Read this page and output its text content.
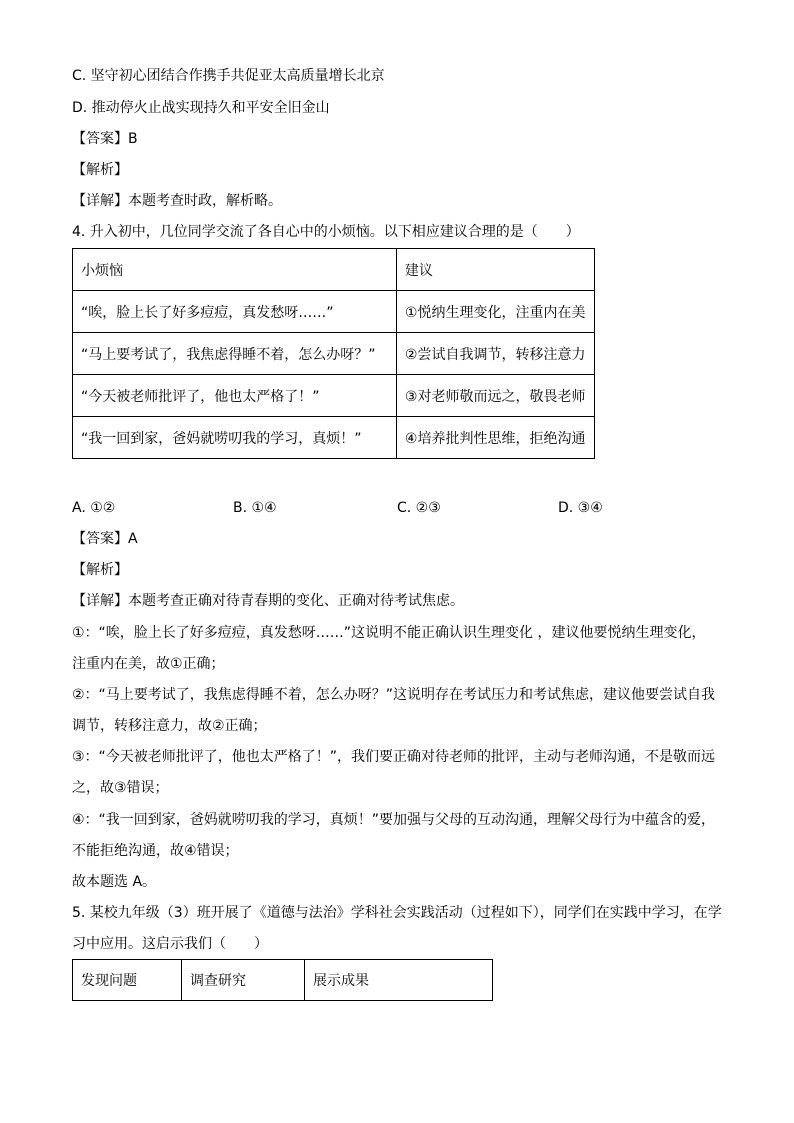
C. 坚守初心团结合作携手共促亚太高质量增长北京
D. 推动停火止战实现持久和平安全旧金山
【答案】B
【解析】
【详解】本题考查时政，解析略。
4. 升入初中，几位同学交流了各自心中的小烦恼。以下相应建议合理的是（　　）
小烦恼	建议
“唉，脸上长了好多痘痘，真发愁呀……”	①悦纳生理变化，注重内在美
“马上要考试了，我焦虑得睡不着，怎么办呀？”	②尝试自我调节，转移注意力
“今天被老师批评了，他也太严格了！”	③对老师敬而远之，敬畏老师
“我一回到家，爸妈就唠叨我的学习，真烦！”	④培养批判性思维，拒绝沟通
A. ①②	B. ①④	C. ②③	D. ③④
【答案】A
【解析】
【详解】本题考查正确对待青春期的变化、正确对待考试焦虑。
①：“唉，脸上长了好多痘痘，真发愁呀……”这说明不能正确认识生理变化 ，建议他要悦纳生理变化，
注重内在美，故①正确；
②：“马上要考试了，我焦虑得睡不着，怎么办呀？”这说明存在考试压力和考试焦虑，建议他要尝试自我
调节，转移注意力，故②正确；
③：“今天被老师批评了，他也太严格了！”，我们要正确对待老师的批评，主动与老师沟通，不是敬而远
之，故③错误；
④：“我一回到家，爸妈就唠叨我的学习，真烦！”要加强与父母的互动沟通，理解父母行为中蕴含的爱，
不能拒绝沟通，故④错误；
故本题选 A。
5. 某校九年级（3）班开展了《道德与法治》学科社会实践活动（过程如下），同学们在实践中学习，在学
习中应用。这启示我们（　　）
发现问题	调查研究	展示成果
